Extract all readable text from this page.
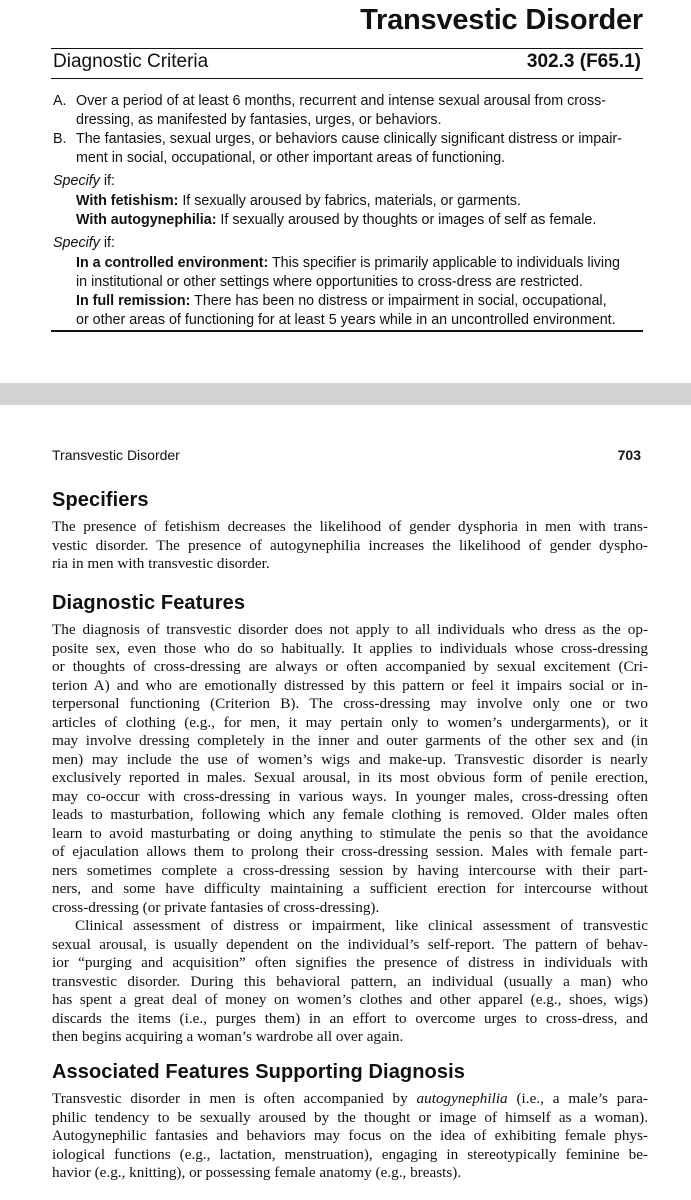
Transvestic Disorder
Diagnostic Criteria	302.3 (F65.1)
A. Over a period of at least 6 months, recurrent and intense sexual arousal from cross-
dressing, as manifested by fantasies, urges, or behaviors.
B. The fantasies, sexual urges, or behaviors cause clinically significant distress or impair-
ment in social, occupational, or other important areas of functioning.
Specify if:
With fetishism: If sexually aroused by fabrics, materials, or garments.
With autogynephilia: If sexually aroused by thoughts or images of self as female.
Specify if:
In a controlled environment: This specifier is primarily applicable to individuals living
in institutional or other settings where opportunities to cross-dress are restricted.
In full remission: There has been no distress or impairment in social, occupational,
or other areas of functioning for at least 5 years while in an uncontrolled environment.
Transvestic Disorder	703
Specifiers
The presence of fetishism decreases the likelihood of gender dysphoria in men with trans-
vestic disorder. The presence of autogynephilia increases the likelihood of gender dyspho-
ria in men with transvestic disorder.
Diagnostic Features
The diagnosis of transvestic disorder does not apply to all individuals who dress as the op-
posite sex, even those who do so habitually. It applies to individuals whose cross-dressing
or thoughts of cross-dressing are always or often accompanied by sexual excitement (Cri-
terion A) and who are emotionally distressed by this pattern or feel it impairs social or in-
terpersonal functioning (Criterion B). The cross-dressing may involve only one or two
articles of clothing (e.g., for men, it may pertain only to women’s undergarments), or it
may involve dressing completely in the inner and outer garments of the other sex and (in
men) may include the use of women’s wigs and make-up. Transvestic disorder is nearly
exclusively reported in males. Sexual arousal, in its most obvious form of penile erection,
may co-occur with cross-dressing in various ways. In younger males, cross-dressing often
leads to masturbation, following which any female clothing is removed. Older males often
learn to avoid masturbating or doing anything to stimulate the penis so that the avoidance
of ejaculation allows them to prolong their cross-dressing session. Males with female part-
ners sometimes complete a cross-dressing session by having intercourse with their part-
ners, and some have difficulty maintaining a sufficient erection for intercourse without
cross-dressing (or private fantasies of cross-dressing).
Clinical assessment of distress or impairment, like clinical assessment of transvestic
sexual arousal, is usually dependent on the individual’s self-report. The pattern of behav-
ior “purging and acquisition” often signifies the presence of distress in individuals with
transvestic disorder. During this behavioral pattern, an individual (usually a man) who
has spent a great deal of money on women’s clothes and other apparel (e.g., shoes, wigs)
discards the items (i.e., purges them) in an effort to overcome urges to cross-dress, and
then begins acquiring a woman’s wardrobe all over again.
Associated Features Supporting Diagnosis
Transvestic disorder in men is often accompanied by autogynephilia (i.e., a male’s para-
philic tendency to be sexually aroused by the thought or image of himself as a woman).
Autogynephilic fantasies and behaviors may focus on the idea of exhibiting female phys-
iological functions (e.g., lactation, menstruation), engaging in stereotypically feminine be-
havior (e.g., knitting), or possessing female anatomy (e.g., breasts).
